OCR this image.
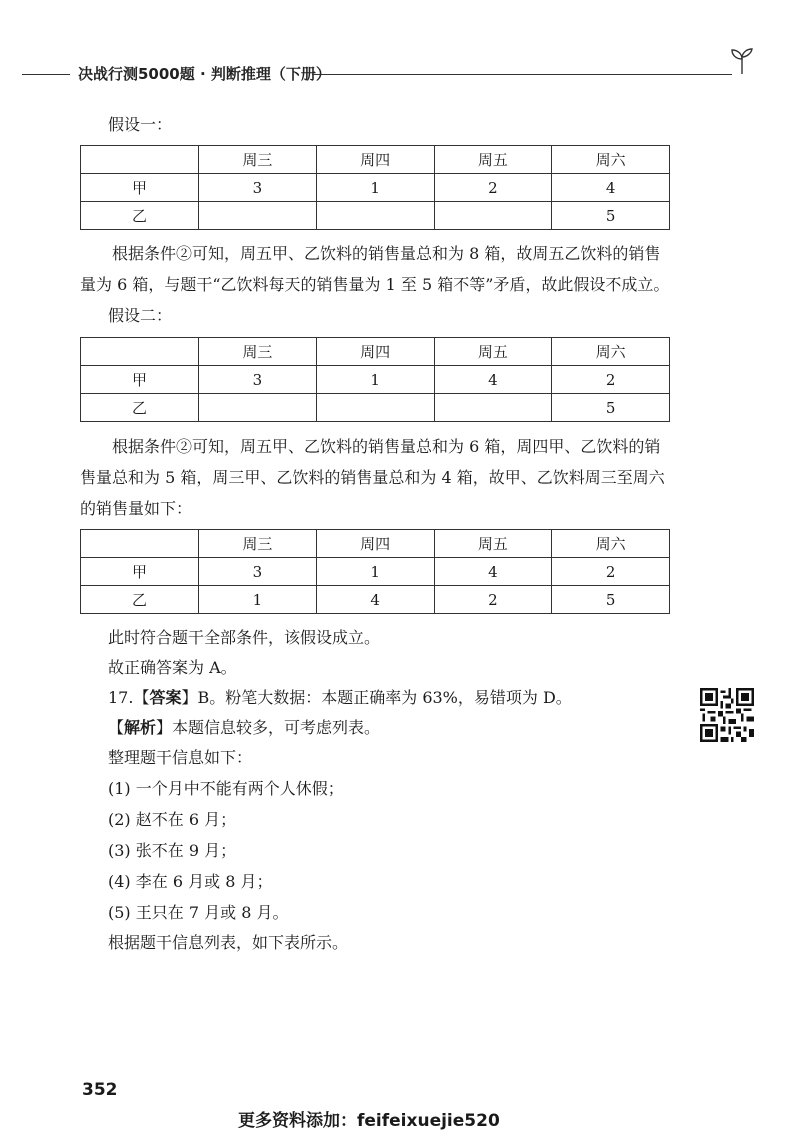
决战行测5000题 · 判断推理（下册）
假设一：
	周三	周四	周五	周六
甲	3	1	2	4
乙				5

根据条件②可知，周五甲、乙饮料的销售量总和为 8 箱，故周五乙饮料的销售量为 6 箱，与题干“乙饮料每天的销售量为 1 至 5 箱不等”矛盾，故此假设不成立。

假设二：
	周三	周四	周五	周六
甲	3	1	4	2
乙				5

根据条件②可知，周五甲、乙饮料的销售量总和为 6 箱，周四甲、乙饮料的销售量总和为 5 箱，周三甲、乙饮料的销售量总和为 4 箱，故甲、乙饮料周三至周六的销售量如下：

	周三	周四	周五	周六
甲	3	1	4	2
乙	1	4	2	5
此时符合题干全部条件，该假设成立。
故正确答案为 A。
17.【答案】B。粉笔大数据：本题正确率为 63%，易错项为 D。
【解析】本题信息较多，可考虑列表。
整理题干信息如下：
(1) 一个月中不能有两个人休假；
(2) 赵不在 6 月；
(3) 张不在 9 月；
(4) 李在 6 月或 8 月；
(5) 王只在 7 月或 8 月。
根据题干信息列表，如下表所示。
352
更多资料添加：feifeixuejie520
